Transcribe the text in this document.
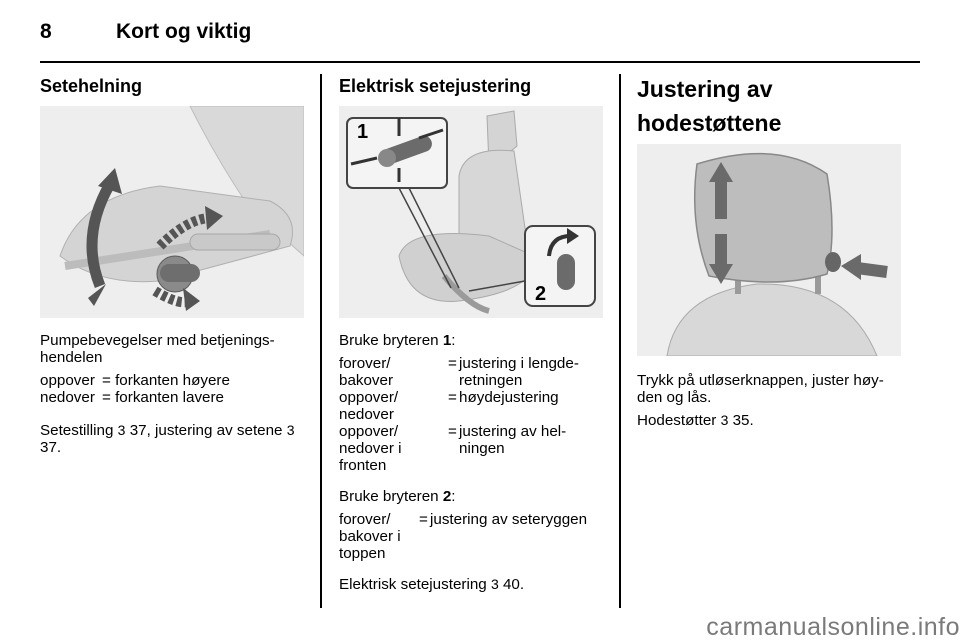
8	Kort og viktig
Setehelning

Pumpebevegelser med betjeningshendelen

oppover	= forkanten høyere
nedover	= forkanten lavere

Setestilling 3 37, justering av setene 3 37.

Elektrisk setejustering
1
2

Bruke bryteren 1:

forover/ bakover	=	justering i lengderetningen
oppover/ nedover	=	høydejustering
oppover/ nedover i fronten	=	justering av helningen

Bruke bryteren 2:

forover/ bakover i toppen	=	justering av seteryggen

Elektrisk setejustering 3 40.

Justering av hodestøttene

Trykk på utløserknappen, juster høyden og lås.

Hodestøtter 3 35.

carmanualsonline.info
